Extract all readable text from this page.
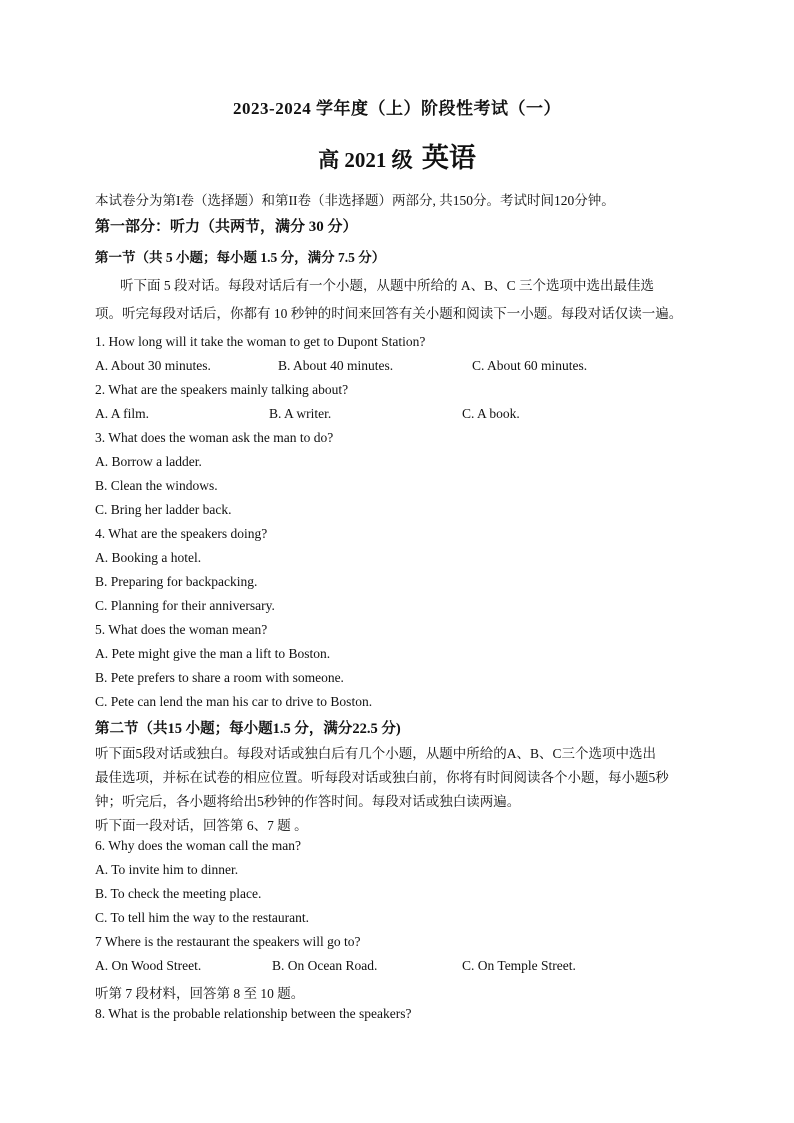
2023-2024 学年度（上）阶段性考试（一）
高 2021 级 英语
本试卷分为第I卷（选择题）和第II卷（非选择题）两部分, 共150分。考试时间120分钟。
第一部分：听力（共两节，满分 30 分）
第一节（共 5 小题；每小题 1.5 分，满分 7.5 分）
听下面 5 段对话。每段对话后有一个小题，从题中所给的 A、B、C 三个选项中选出最佳选
项。听完每段对话后，你都有 10 秒钟的时间来回答有关小题和阅读下一小题。每段对话仅读一遍。
1. How long will it take the woman to get to Dupont Station?
A. About 30 minutes.	B. About 40 minutes.	C. About 60 minutes.
2. What are the speakers mainly talking about?
A. A film.	B. A writer.	C. A book.
3. What does the woman ask the man to do?
A. Borrow a ladder.
B. Clean the windows.
C. Bring her ladder back.
4. What are the speakers doing?
A. Booking a hotel.
B. Preparing for backpacking.
C. Planning for their anniversary.
5. What does the woman mean?
A. Pete might give the man a lift to Boston.
B. Pete prefers to share a room with someone.
C. Pete can lend the man his car to drive to Boston.
第二节（共15 小题；每小题1.5 分，满分22.5 分)
听下面5段对话或独白。每段对话或独白后有几个小题，从题中所给的A、B、C三个选项中选出
最佳选项，并标在试卷的相应位置。听每段对话或独白前，你将有时间阅读各个小题，每小题5秒
钟；听完后，各小题将给出5秒钟的作答时间。每段对话或独白读两遍。
听下面一段对话，回答第 6、7 题 。
6. Why does the woman call the man?
A. To invite him to dinner.
B. To check the meeting place.
C. To tell him the way to the restaurant.
7 Where is the restaurant the speakers will go to?
A. On Wood Street.	B. On Ocean Road.	C. On Temple Street.
听第 7 段材料，回答第 8 至 10 题。
8. What is the probable relationship between the speakers?
